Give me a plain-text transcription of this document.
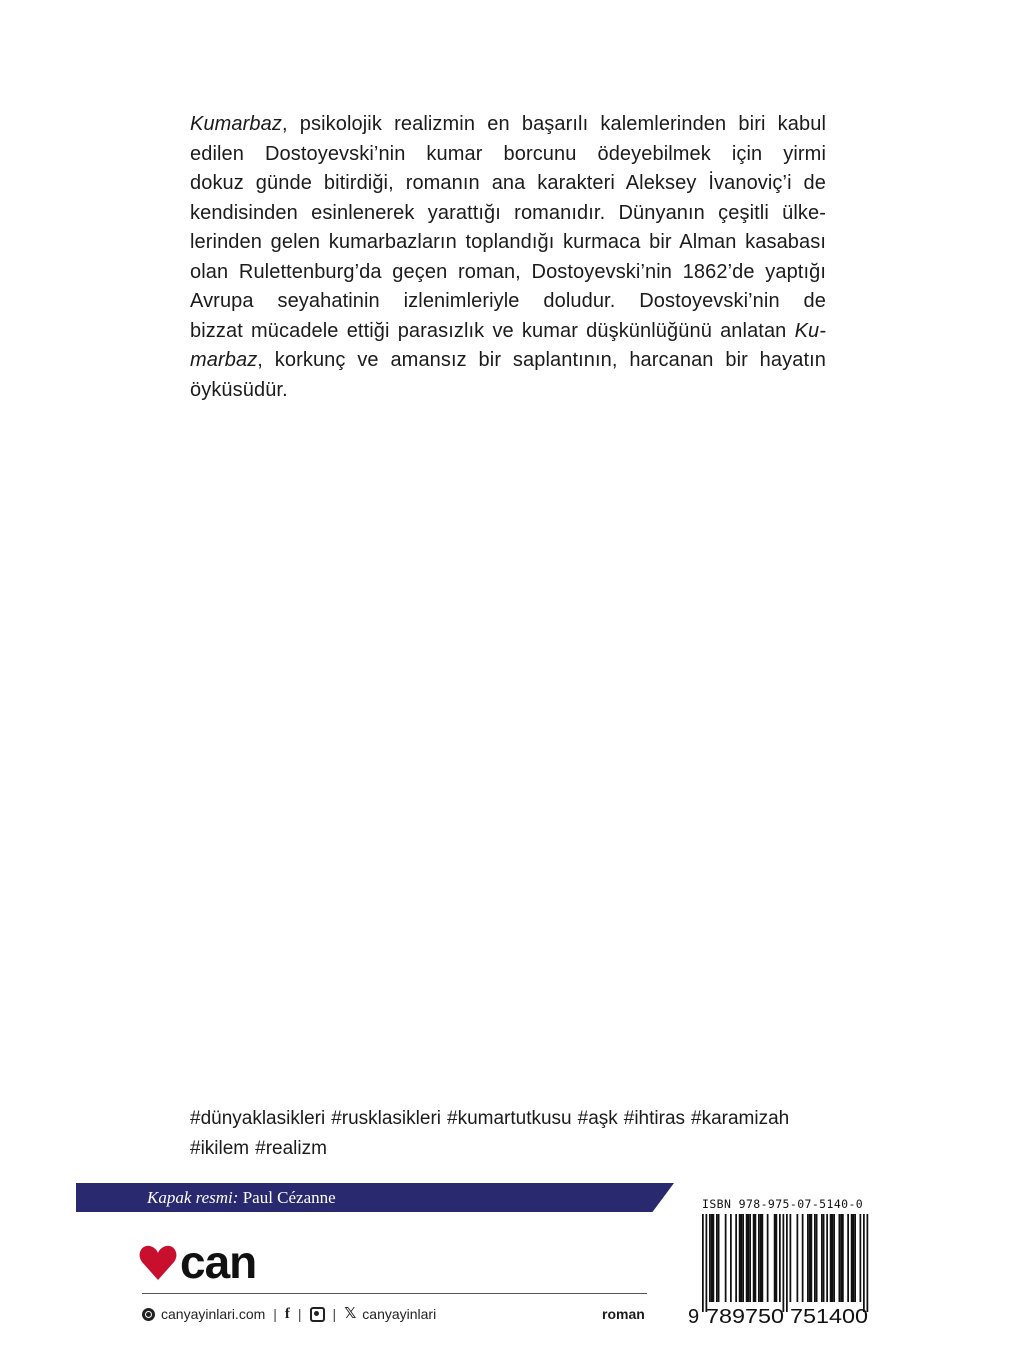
Kumarbaz, psikolojik realizmin en başarılı kalemlerinden biri kabul
edilen Dostoyevski’nin kumar borcunu ödeyebilmek için yirmi
dokuz günde bitirdiği, romanın ana karakteri Aleksey İvanoviç’i de
kendisinden esinlenerek yarattığı romanıdır. Dünyanın çeşitli ülke-
lerinden gelen kumarbazların toplandığı kurmaca bir Alman kasabası
olan Rulettenburg’da geçen roman, Dostoyevski’nin 1862’de yaptığı
Avrupa seyahatinin izlenimleriyle doludur. Dostoyevski’nin de
bizzat mücadele ettiği parasızlık ve kumar düşkünlüğünü anlatan Ku-
marbaz, korkunç ve amansız bir saplantının, harcanan bir hayatın
öyküsüdür.
#dünyaklasikleri #rusklasikleri #kumartutkusu #aşk #ihtiras #karamizah
#ikilem #realizm
Kapak resmi: Paul Cézanne
can
canyayinlari.com | f | | 𝕏 canyayinlari	roman
ISBN 978-975-07-5140-0
9 789750 751400
